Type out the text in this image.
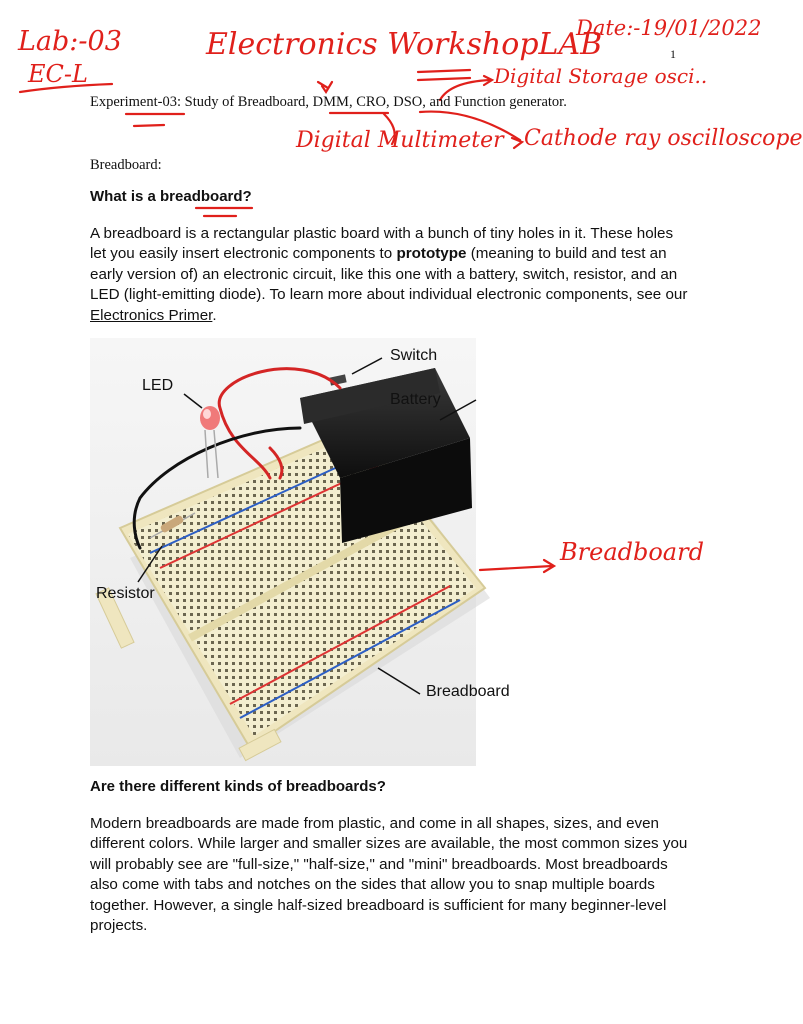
Lab:-03
EC-L
Electronics WorkshopLAB
Date:-19/01/2022
Digital Storage osci..
Digital Multimeter Cathode ray oscilloscope
Breadboard
1

Experiment-03: Study of Breadboard, DMM, CRO, DSO, and Function generator.

Breadboard:

What is a breadboard?

A breadboard is a rectangular plastic board with a bunch of tiny holes in it. These holes let you easily insert electronic components to prototype (meaning to build and test an early version of) an electronic circuit, like this one with a battery, switch, resistor, and an LED (light-emitting diode). To learn more about individual electronic components, see our Electronics Primer.

Switch
LED
Battery
Resistor
Breadboard

Are there different kinds of breadboards?

Modern breadboards are made from plastic, and come in all shapes, sizes, and even different colors. While larger and smaller sizes are available, the most common sizes you will probably see are "full-size," "half-size," and "mini" breadboards. Most breadboards also come with tabs and notches on the sides that allow you to snap multiple boards together. However, a single half-sized breadboard is sufficient for many beginner-level projects.
